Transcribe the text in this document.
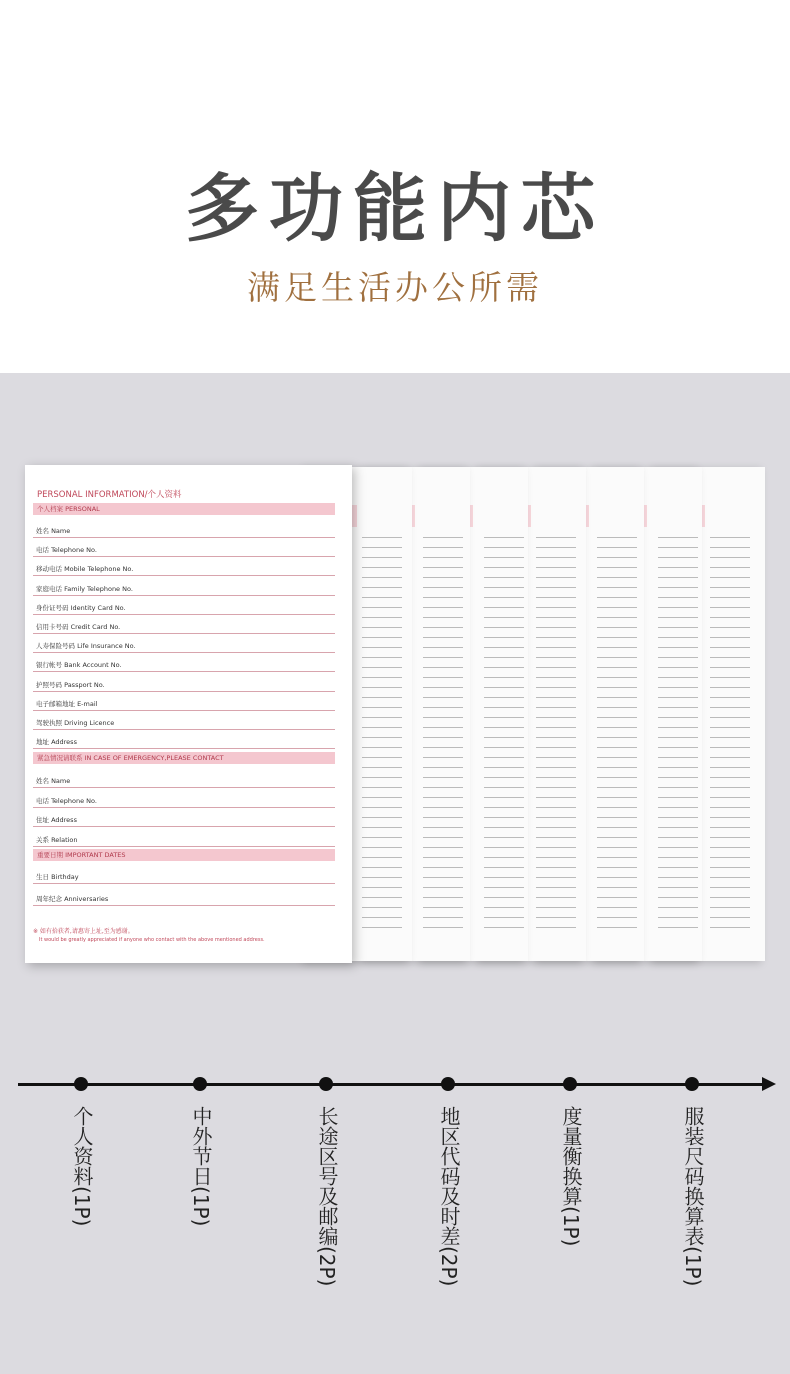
多功能内芯
满足生活办公所需
PERSONAL INFORMATION/个人资料
个人档案 PERSONAL
姓名 Name
电话 Telephone No.
移动电话 Mobile Telephone No.
家庭电话 Family Telephone No.
身份证号码 Identity Card No.
信用卡号码 Credit Card No.
人寿保险号码 Life Insurance No.
银行帐号 Bank Account No.
护照号码 Passport No.
电子邮箱地址 E-mail
驾驶执照 Driving Licence
地址 Address
紧急情况请联系 IN CASE OF EMERGENCY,PLEASE CONTACT
姓名 Name
电话 Telephone No.
住址 Address
关系 Relation
重要日期 IMPORTANT DATES
生日 Birthday
周年纪念 Anniversaries
※ 如有拾获者,请惠寄上址,至为感谢。
It would be greatly appreciated if anyone who contact with the above mentioned address.
个人资料(1P)	中外节日(1P)	长途区号及邮编(2P)	地区代码及时差(2P)	度量衡换算(1P)	服装尺码换算表(1P)
